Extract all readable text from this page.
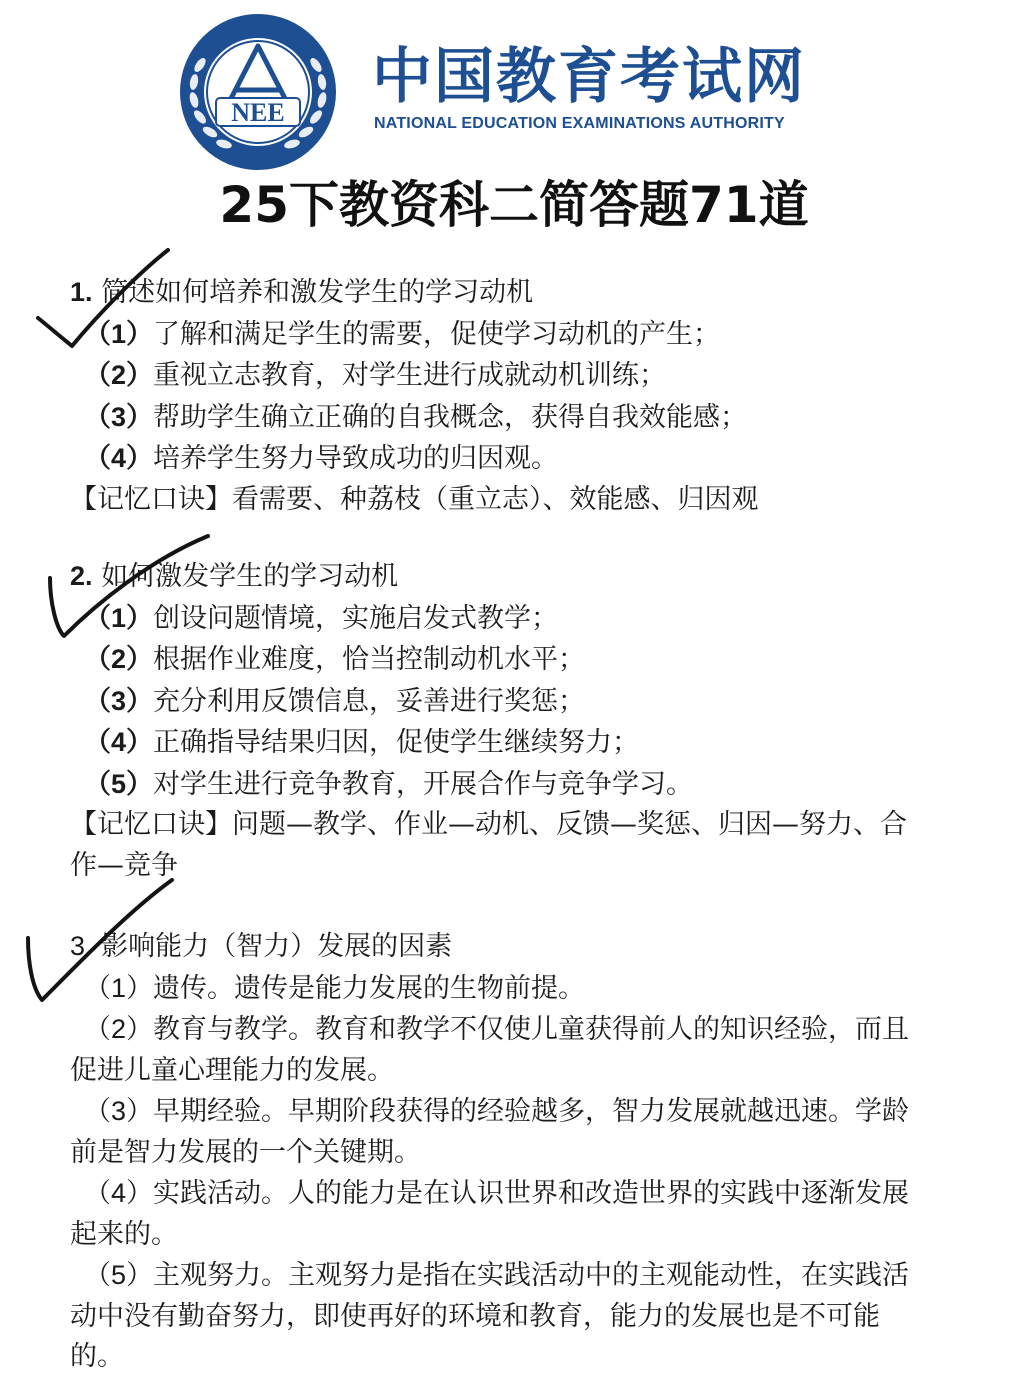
NEE
中国教育考试网
NATIONAL EDUCATION EXAMINATIONS AUTHORITY
25下教资科二简答题71道

1. 简述如何培养和激发学生的学习动机

（1）了解和满足学生的需要，促使学习动机的产生；

（2）重视立志教育，对学生进行成就动机训练；

（3）帮助学生确立正确的自我概念，获得自我效能感；

（4）培养学生努力导致成功的归因观。

【记忆口诀】看需要、种荔枝（重立志）、效能感、归因观

2. 如何激发学生的学习动机

（1）创设问题情境，实施启发式教学；

（2）根据作业难度，恰当控制动机水平；

（3）充分利用反馈信息，妥善进行奖惩；

（4）正确指导结果归因，促使学生继续努力；

（5）对学生进行竞争教育，开展合作与竞争学习。

【记忆口诀】问题—教学、作业—动机、反馈—奖惩、归因—努力、合

作—竞争

3. 影响能力（智力）发展的因素

（1）遗传。遗传是能力发展的生物前提。

（2）教育与教学。教育和教学不仅使儿童获得前人的知识经验，而且

促进儿童心理能力的发展。

（3）早期经验。早期阶段获得的经验越多，智力发展就越迅速。学龄

前是智力发展的一个关键期。

（4）实践活动。人的能力是在认识世界和改造世界的实践中逐渐发展

起来的。

（5）主观努力。主观努力是指在实践活动中的主观能动性，在实践活

动中没有勤奋努力，即使再好的环境和教育，能力的发展也是不可能

的。
